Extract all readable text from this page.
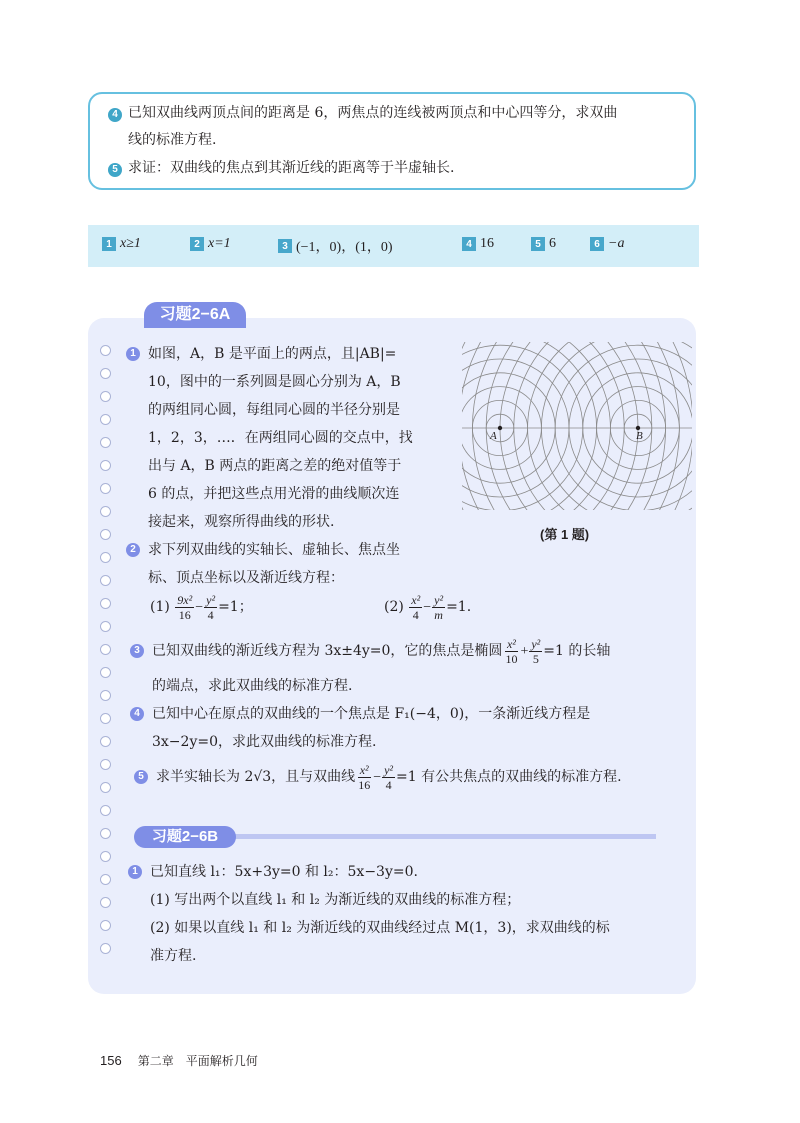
4 已知双曲线两顶点间的距离是 6，两焦点的连线被两顶点和中心四等分，求双曲
线的标准方程.
5 求证：双曲线的焦点到其渐近线的距离等于半虚轴长.
1 x≥1	2 x=1	3 (−1，0)，(1，0)	4 16	5 6	6 −a
习题2−6A
1 如图，A，B 是平面上的两点，且|AB|=
10，图中的一系列圆是圆心分别为 A，B
的两组同心圆，每组同心圆的半径分别是
1，2，3，…．在两组同心圆的交点中，找
出与 A，B 两点的距离之差的绝对值等于
6 的点，并把这些点用光滑的曲线顺次连
接起来，观察所得曲线的形状.
A	B
(第 1 题)
2 求下列双曲线的实轴长、虚轴长、焦点坐
标、顶点坐标以及渐近线方程：
$(1) \frac{\text{9x²}}{16} - \frac{\text{y²}}{4} =1$；	$(2) \frac{\text{x²}}{4} - \frac{\text{y²}}{m} =1$.
3 已知双曲线的渐近线方程为 3x±4y=0，它的焦点是椭圆 $\frac{\text{x²}}{10} + \frac{\text{y²}}{5} =1$ 的长轴
的端点，求此双曲线的标准方程.
4 已知中心在原点的双曲线的一个焦点是 F₁(−4，0)，一条渐近线方程是
3x−2y=0，求此双曲线的标准方程.
5 求半实轴长为 2√3，且与双曲线 $\frac{\text{x²}}{16} - \frac{\text{y²}}{4} =1$ 有公共焦点的双曲线的标准方程.
习题2−6B
1 已知直线 l₁：5x+3y=0 和 l₂：5x−3y=0.
(1) 写出两个以直线 l₁ 和 l₂ 为渐近线的双曲线的标准方程；
(2) 如果以直线 l₁ 和 l₂ 为渐近线的双曲线经过点 M(1，3)，求双曲线的标
准方程.
156 第二章　平面解析几何
